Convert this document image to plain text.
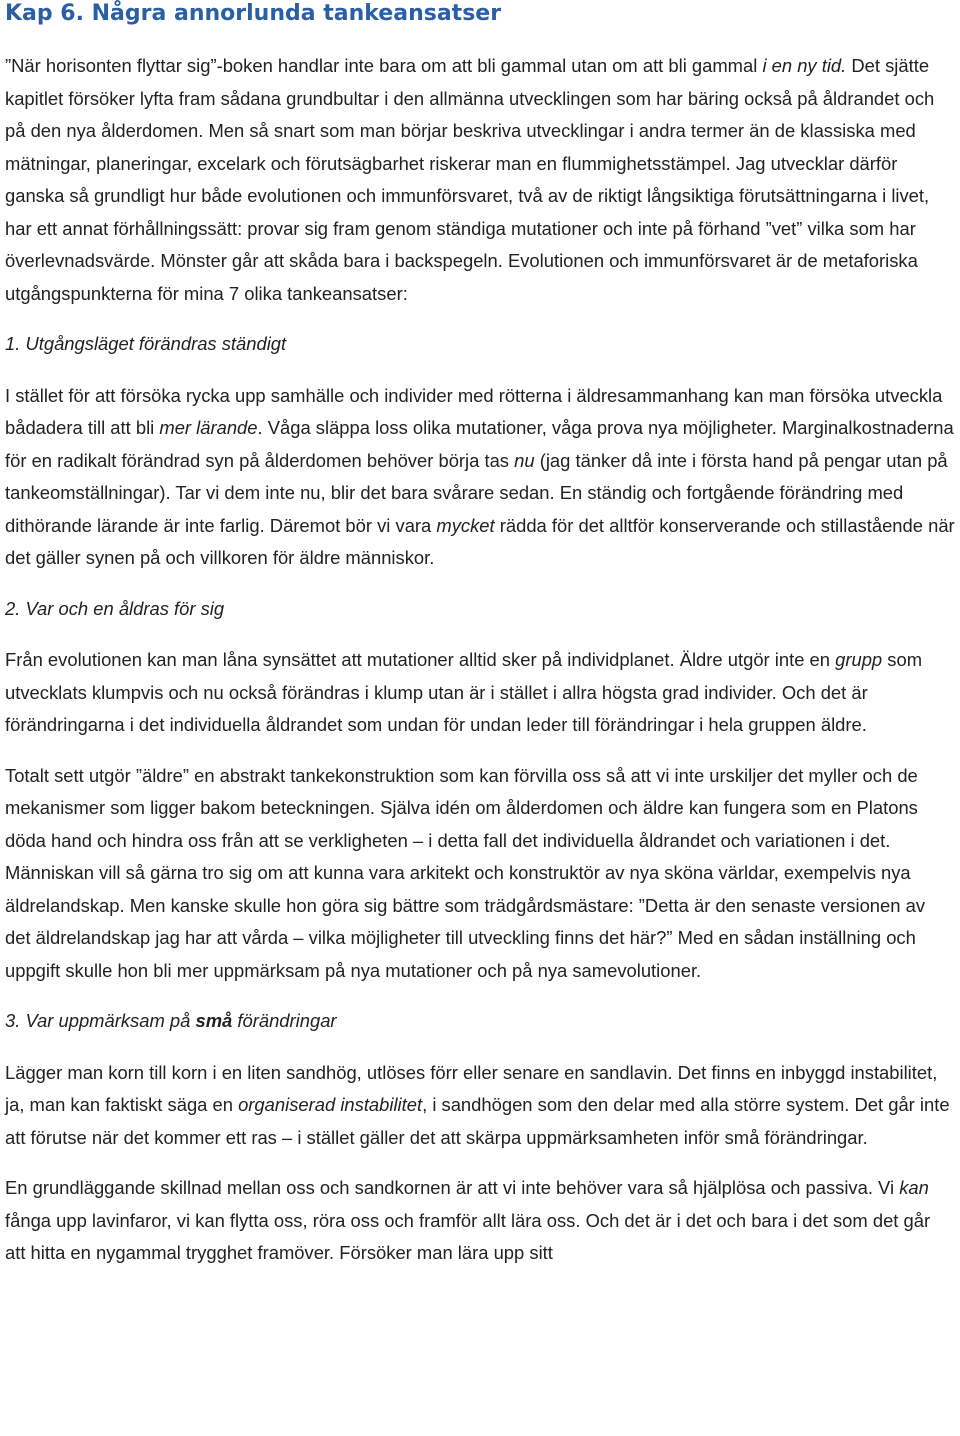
Kap 6. Några annorlunda tankeansatser

”När horisonten flyttar sig”-boken handlar inte bara om att bli gammal utan om att bli gammal i en ny tid. Det sjätte kapitlet försöker lyfta fram sådana grundbultar i den allmänna utvecklingen som har bäring också på åldrandet och på den nya ålderdomen. Men så snart som man börjar beskriva utvecklingar i andra termer än de klassiska med mätningar, planeringar, excelark och förutsägbarhet riskerar man en flummighetsstämpel. Jag utvecklar därför ganska så grundligt hur både evolutionen och immunförsvaret, två av de riktigt långsiktiga förutsättningarna i livet, har ett annat förhållningssätt: provar sig fram genom ständiga mutationer och inte på förhand ”vet” vilka som har överlevnadsvärde. Mönster går att skåda bara i backspegeln. Evolutionen och immunförsvaret är de metaforiska utgångspunkterna för mina 7 olika tankeansatser:

1. Utgångsläget förändras ständigt

I stället för att försöka rycka upp samhälle och individer med rötterna i äldresammanhang kan man försöka utveckla bådadera till att bli mer lärande. Våga släppa loss olika mutationer, våga prova nya möjligheter. Marginalkostnaderna för en radikalt förändrad syn på ålderdomen behöver börja tas nu (jag tänker då inte i första hand på pengar utan på tankeomställningar). Tar vi dem inte nu, blir det bara svårare sedan. En ständig och fortgående förändring med dithörande lärande är inte farlig. Däremot bör vi vara mycket rädda för det alltför konserverande och stillastående när det gäller synen på och villkoren för äldre människor.

2. Var och en åldras för sig

Från evolutionen kan man låna synsättet att mutationer alltid sker på individplanet. Äldre utgör inte en grupp som utvecklats klumpvis och nu också förändras i klump utan är i stället i allra högsta grad individer. Och det är förändringarna i det individuella åldrandet som undan för undan leder till förändringar i hela gruppen äldre.

Totalt sett utgör ”äldre” en abstrakt tankekonstruktion som kan förvilla oss så att vi inte urskiljer det myller och de mekanismer som ligger bakom beteckningen. Själva idén om ålderdomen och äldre kan fungera som en Platons döda hand och hindra oss från att se verkligheten – i detta fall det individuella åldrandet och variationen i det. Människan vill så gärna tro sig om att kunna vara arkitekt och konstruktör av nya sköna världar, exempelvis nya äldrelandskap. Men kanske skulle hon göra sig bättre som trädgårdsmästare: ”Detta är den senaste versionen av det äldrelandskap jag har att vårda – vilka möjligheter till utveckling finns det här?” Med en sådan inställning och uppgift skulle hon bli mer uppmärksam på nya mutationer och på nya samevolutioner.

3. Var uppmärksam på små förändringar

Lägger man korn till korn i en liten sandhög, utlöses förr eller senare en sandlavin. Det finns en inbyggd instabilitet, ja, man kan faktiskt säga en organiserad instabilitet, i sandhögen som den delar med alla större system. Det går inte att förutse när det kommer ett ras – i stället gäller det att skärpa uppmärksamheten inför små förändringar.

En grundläggande skillnad mellan oss och sandkornen är att vi inte behöver vara så hjälplösa och passiva. Vi kan fånga upp lavinfaror, vi kan flytta oss, röra oss och framför allt lära oss. Och det är i det och bara i det som det går att hitta en nygammal trygghet framöver. Försöker man lära upp sitt
